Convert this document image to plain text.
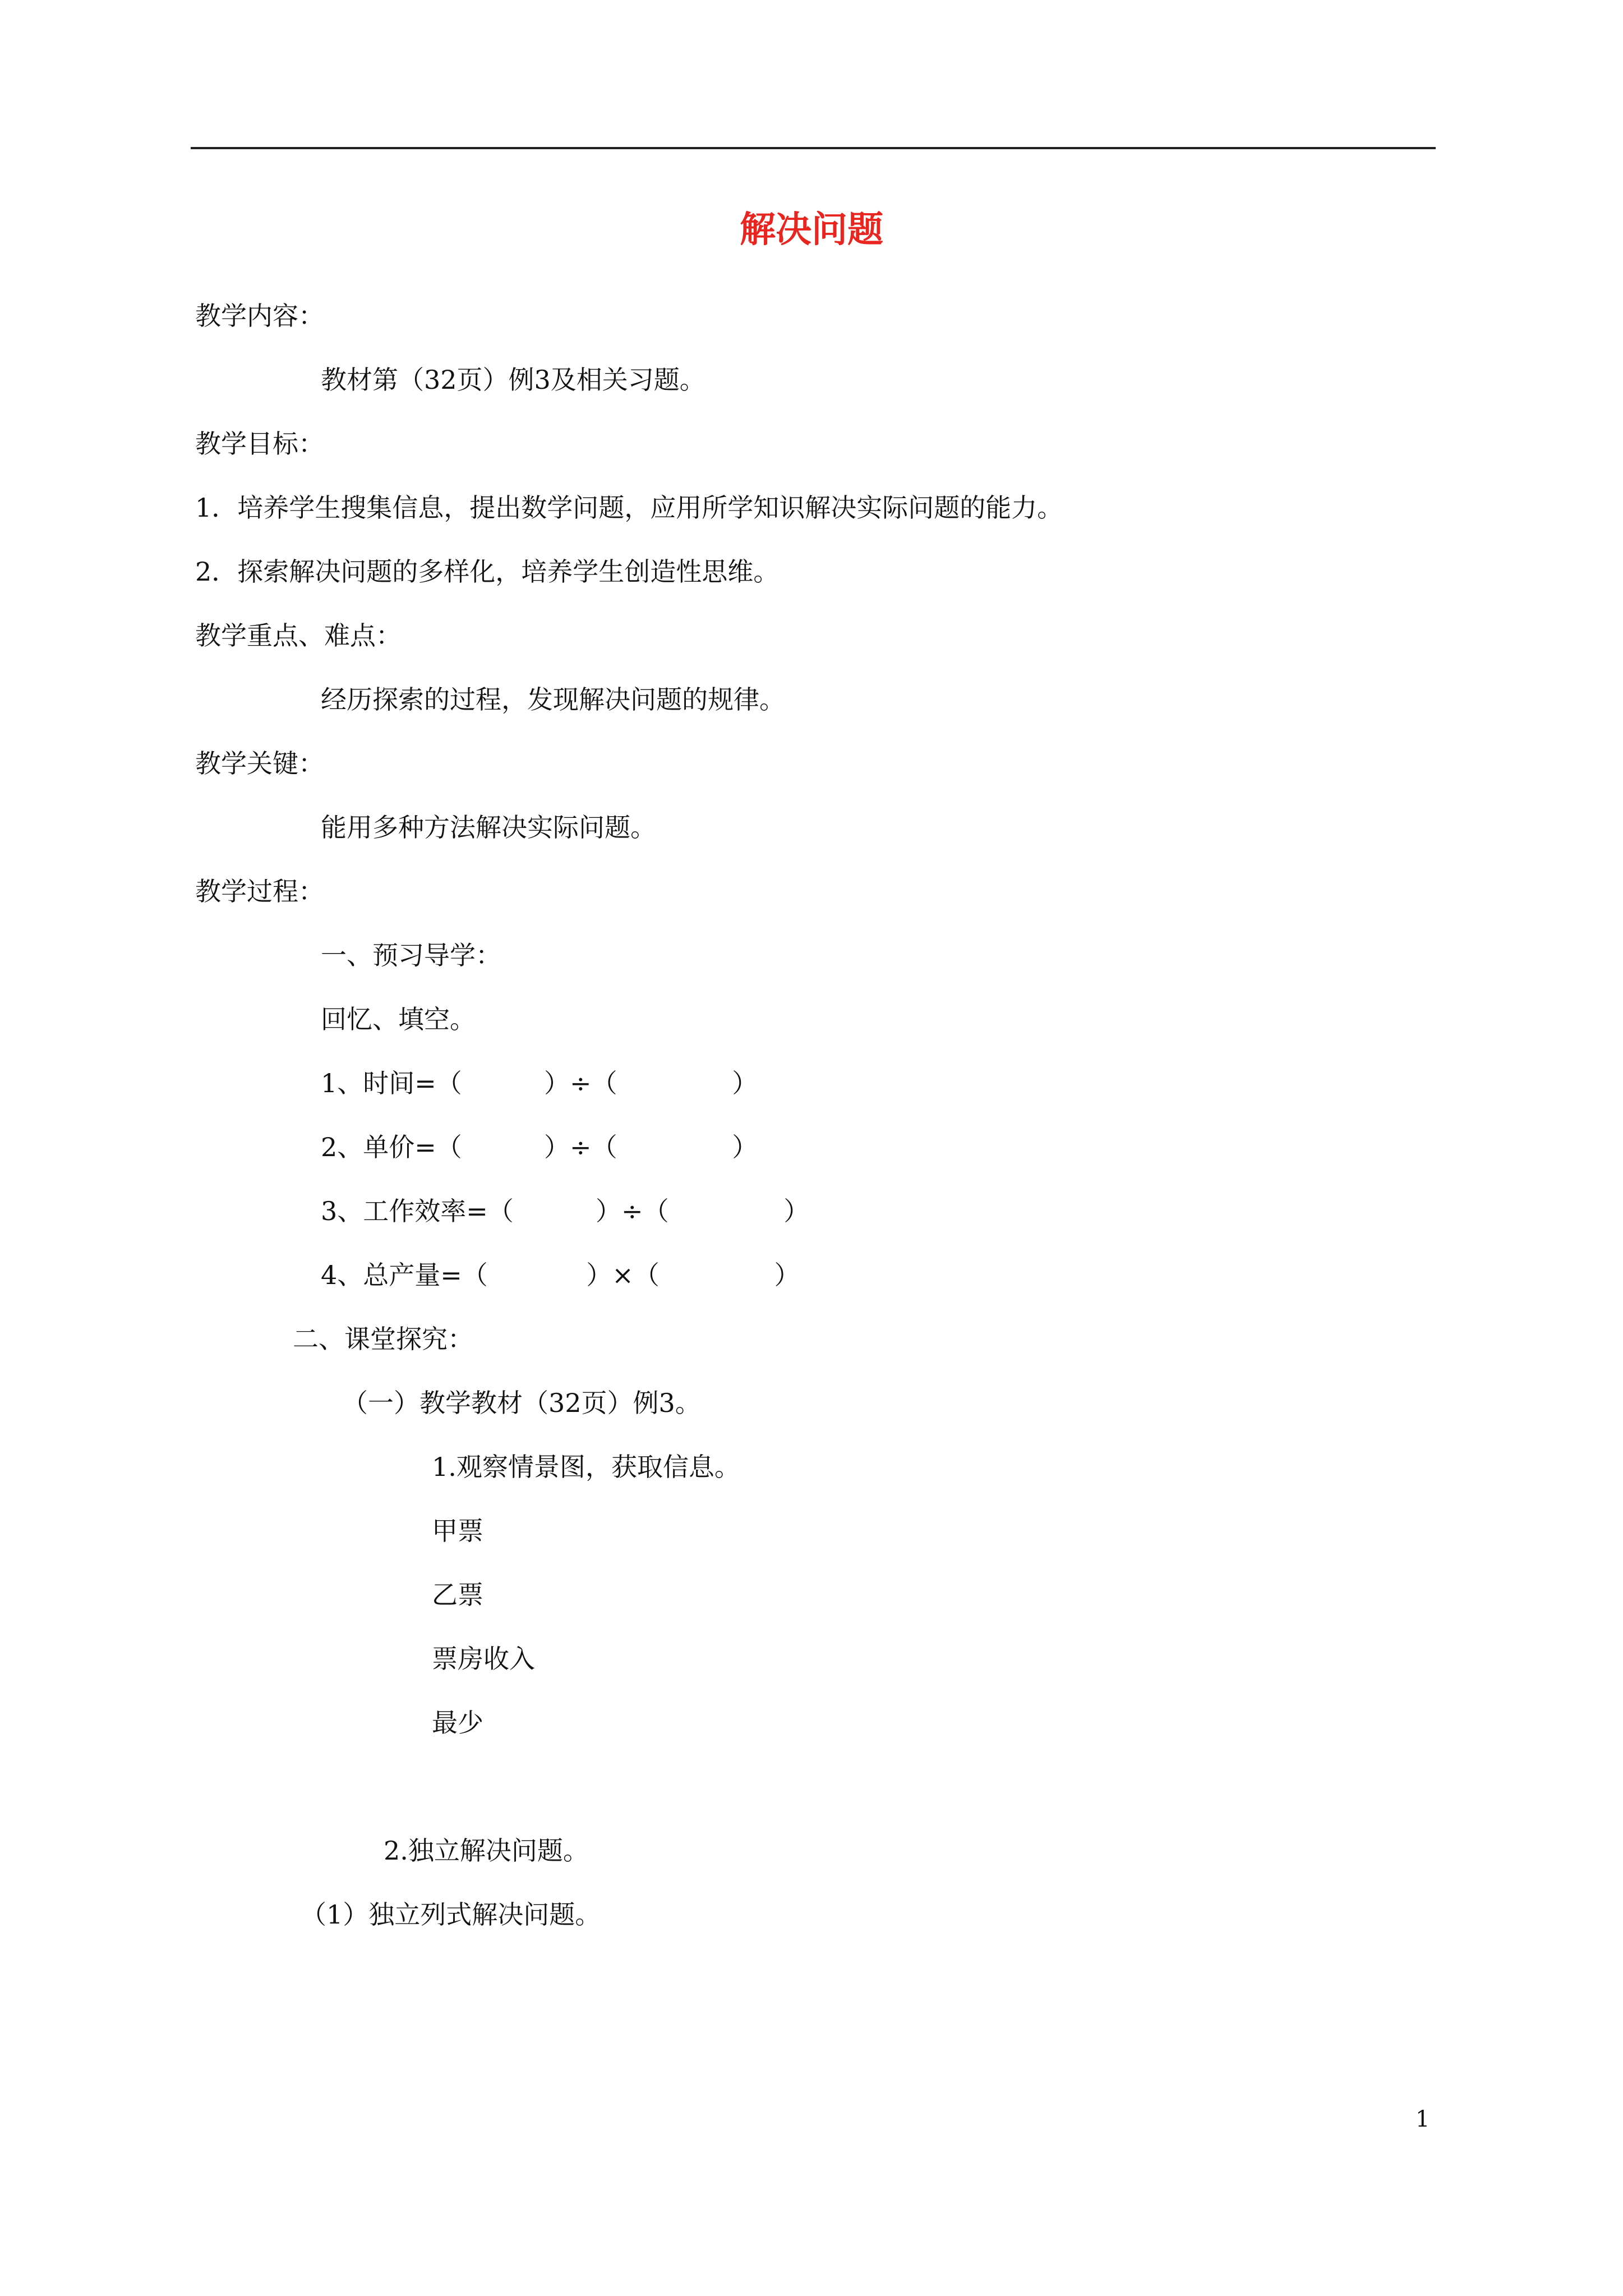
解决问题
教学内容：
教材第（32页）例3及相关习题。
教学目标：
1．培养学生搜集信息，提出数学问题，应用所学知识解决实际问题的能力。
2．探索解决问题的多样化，培养学生创造性思维。
教学重点、难点：
经历探索的过程，发现解决问题的规律。
教学关键：
能用多种方法解决实际问题。
教学过程：
一、预习导学：
回忆、填空。
1、时间=（          ）÷（              ）
2、单价=（          ）÷（              ）
3、工作效率=（          ）÷（              ）
4、总产量=（            ）×（              ）
二、课堂探究：
（一）教学教材（32页）例3。
1.观察情景图，获取信息。
甲票
乙票
票房收入
最少
2.独立解决问题。
（1）独立列式解决问题。
1
